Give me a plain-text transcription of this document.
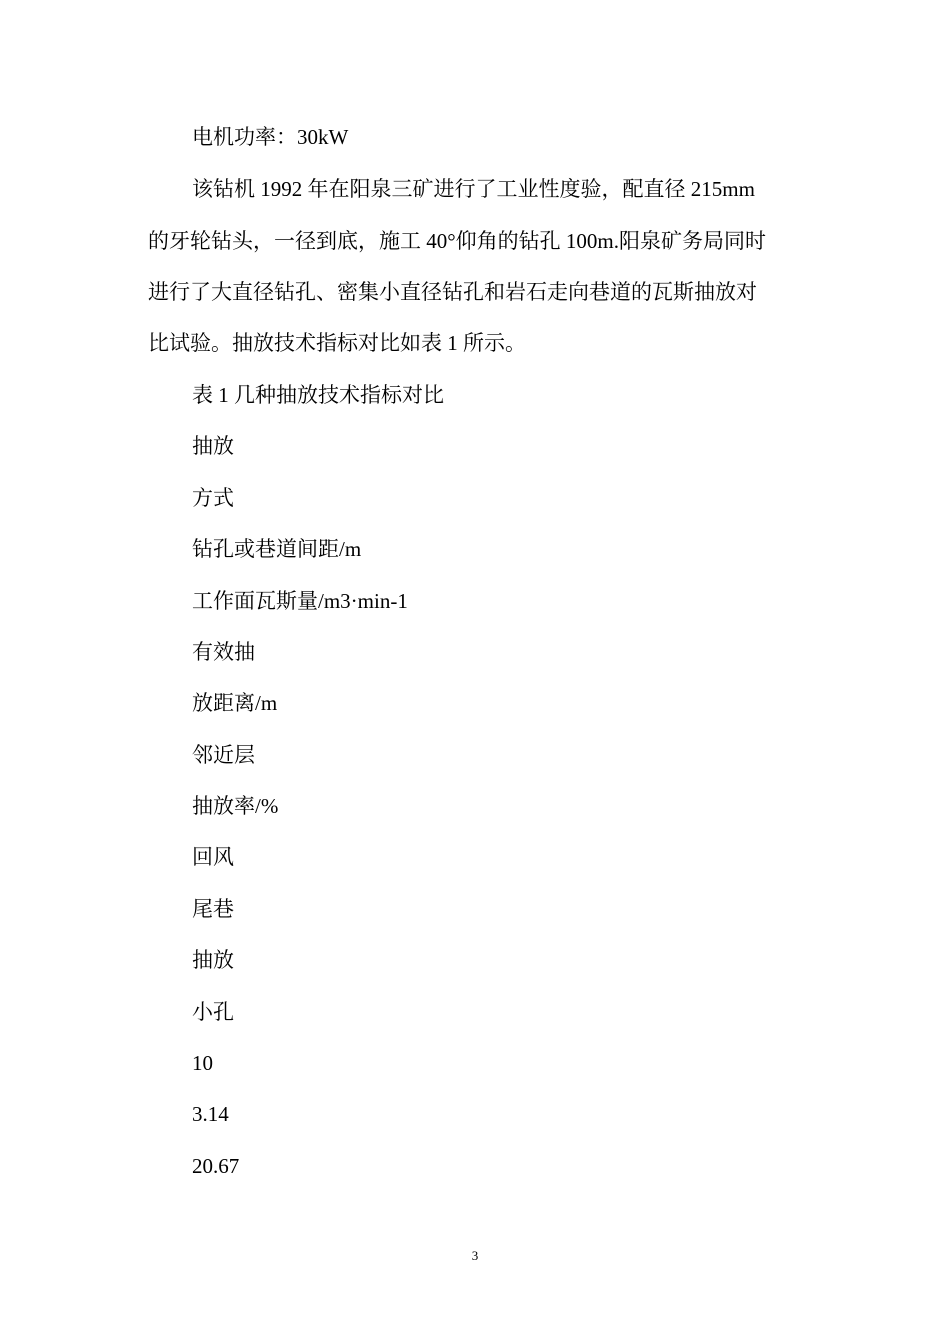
电机功率：30kW
该钻机 1992 年在阳泉三矿进行了工业性度验，配直径 215mm
的牙轮钻头，一径到底，施工 40°仰角的钻孔 100m.阳泉矿务局同时
进行了大直径钻孔、密集小直径钻孔和岩石走向巷道的瓦斯抽放对
比试验。抽放技术指标对比如表 1 所示。
表 1 几种抽放技术指标对比
抽放
方式
钻孔或巷道间距/m
工作面瓦斯量/m3·min-1
有效抽
放距离/m
邻近层
抽放率/%
回风
尾巷
抽放
小孔
10
3.14
20.67
3
